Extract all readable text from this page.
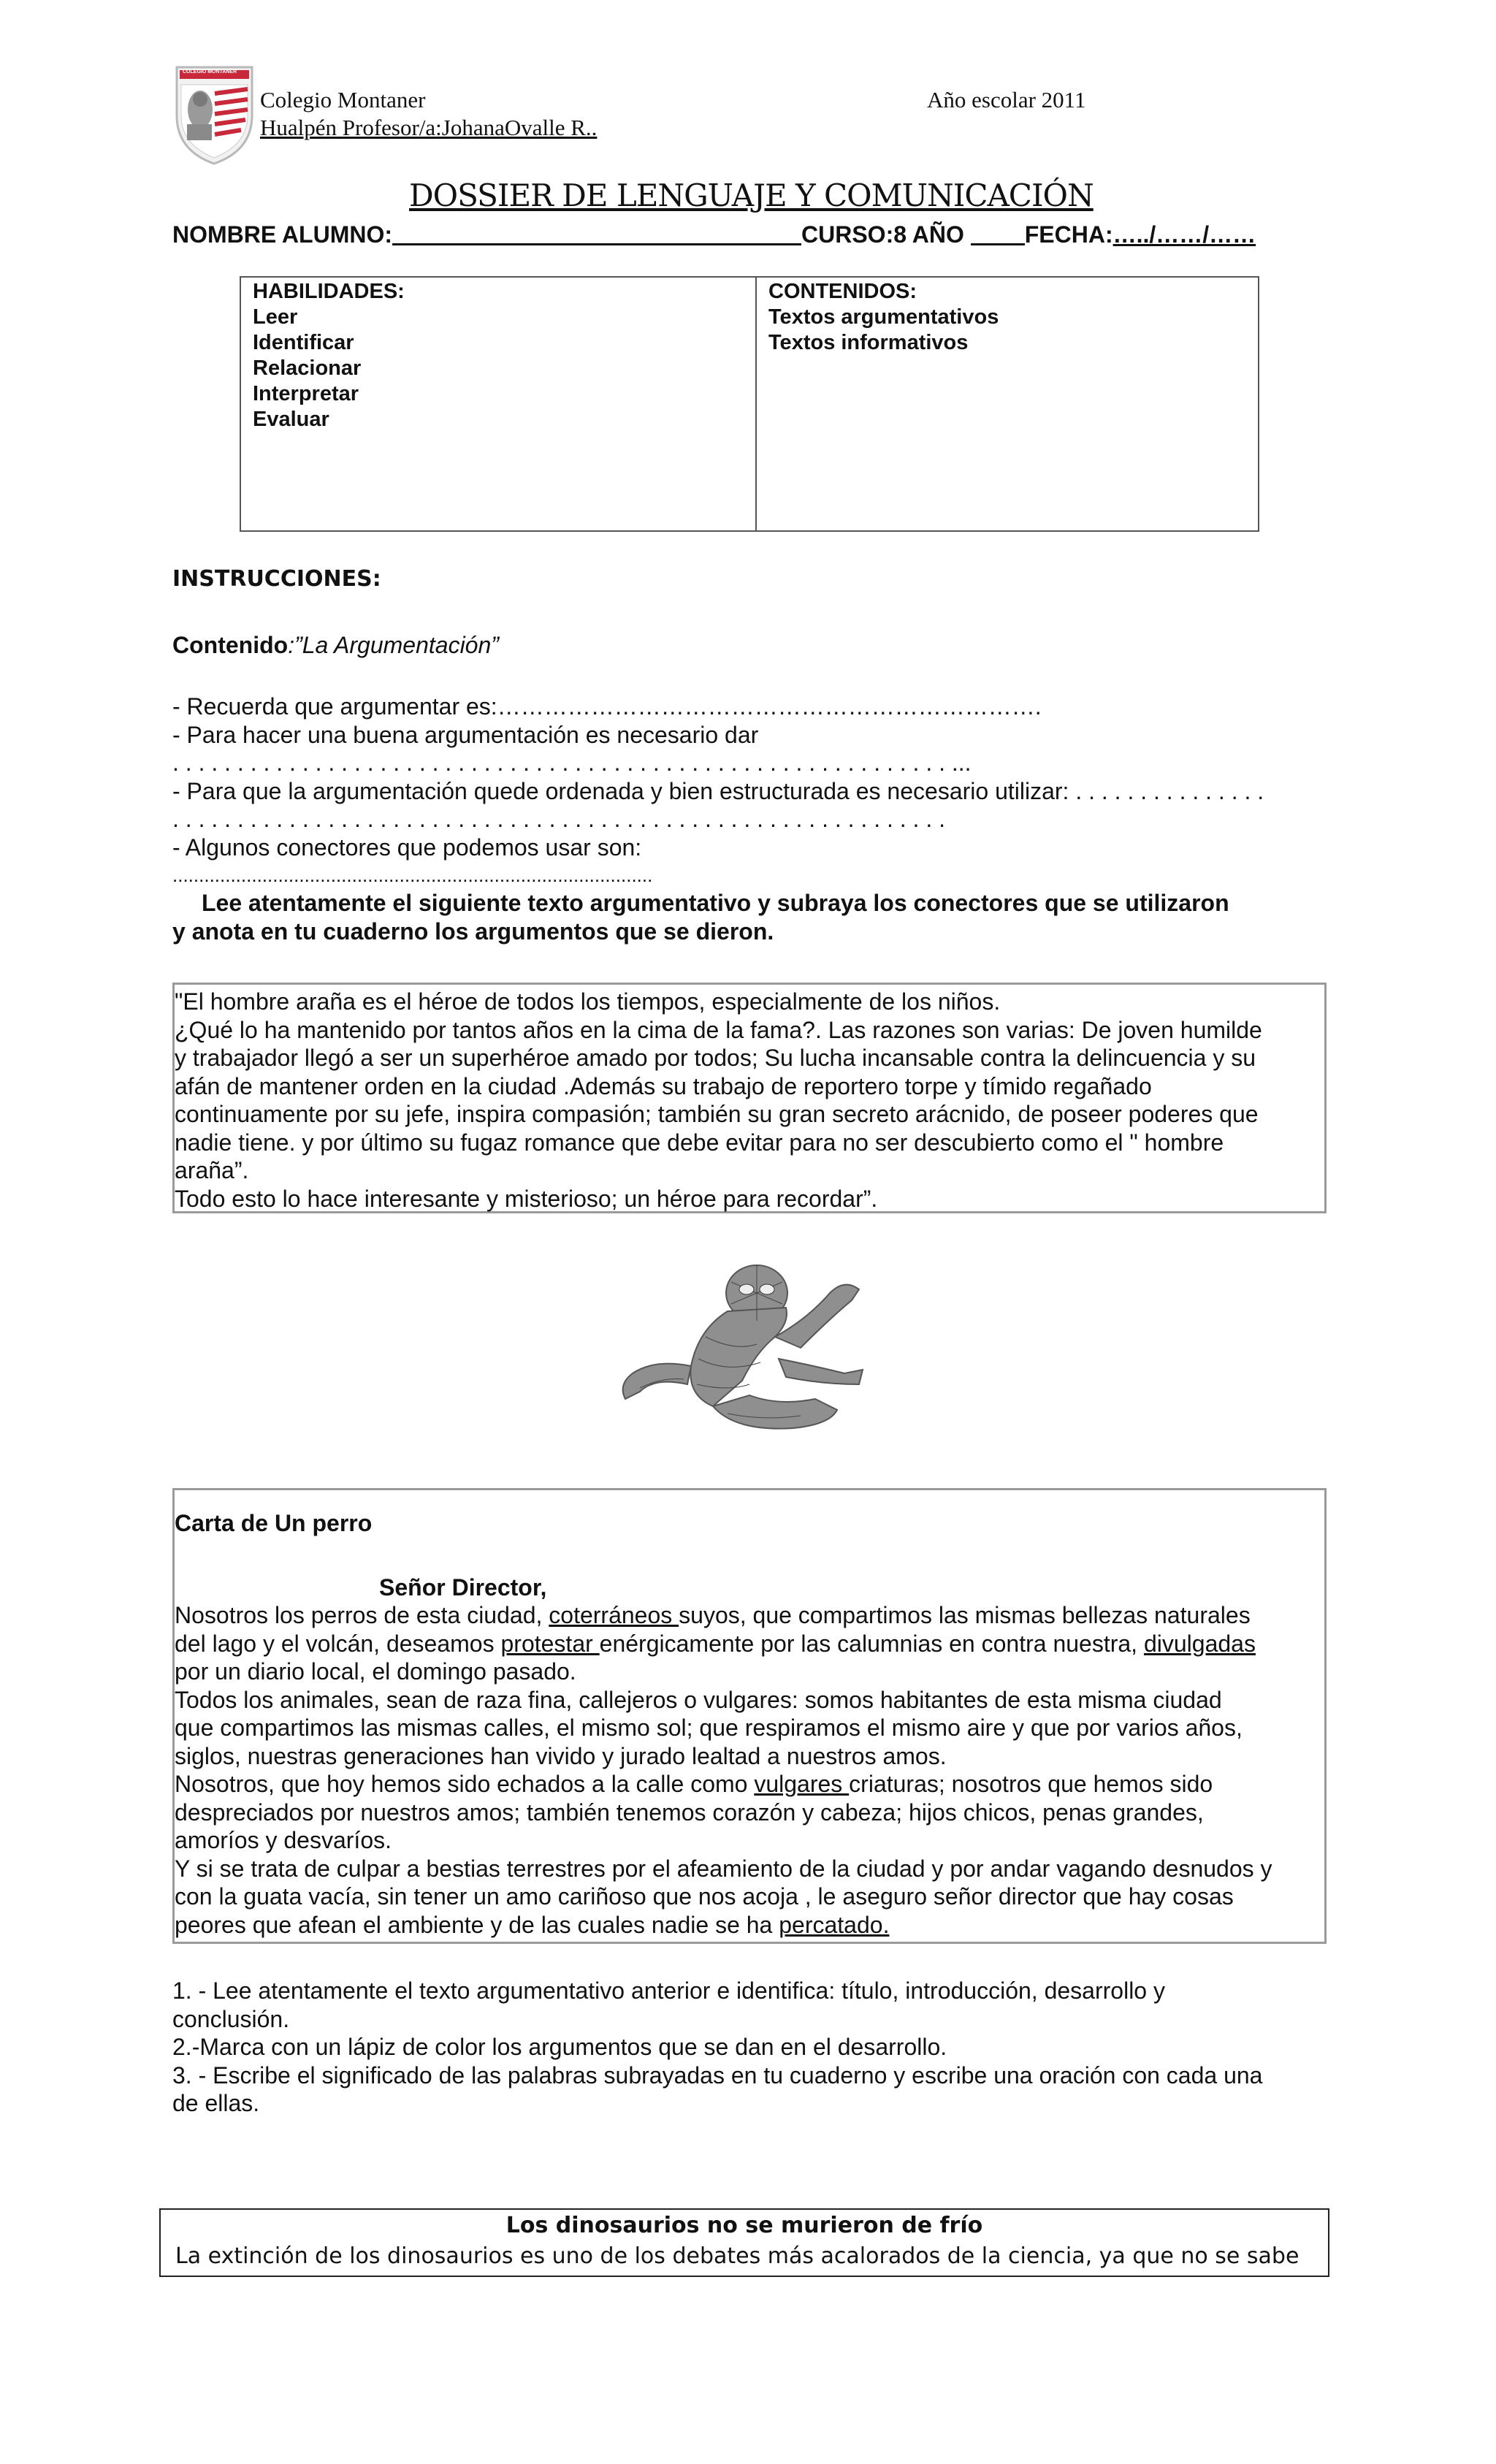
COLEGIO MONTANER
Colegio Montaner	Año escolar 2011
Hualpén Profesor/a:JohanaOvalle R..
DOSSIER DE LENGUAJE Y COMUNICACIÓN
NOMBRE ALUMNO:	CURSO:8 AÑO	FECHA:…../……/……
HABILIDADES:
Leer
Identificar
Relacionar
Interpretar
Evaluar
CONTENIDOS:
Textos argumentativos
Textos informativos
INSTRUCCIONES:
Contenido:”La Argumentación”
- Recuerda que argumentar es:…………………………………………………………….
- Para hacer una buena argumentación es necesario dar
. . . . . . . . . . . . . . . . . . . . . . . . . . . . . . . . . . . . . . . . . . . . . . . . . . . . . . . . . . . . ...
- Para que la argumentación quede ordenada y bien estructurada es necesario utilizar: . . . . . . . . . . . . . . .
. . . . . . . . . . . . . . . . . . . . . . . . . . . . . . . . . . . . . . . . . . . . . . . . . . . . . . . . . . . .
- Algunos conectores que podemos usar son:
...........................................................................................
Lee atentamente el siguiente texto argumentativo y subraya los conectores que se utilizaron
y anota en tu cuaderno los argumentos que se dieron.
"El hombre araña es el héroe de todos los tiempos, especialmente de los niños.
¿Qué lo ha mantenido por tantos años en la cima de la fama?. Las razones son varias: De joven humilde
y trabajador llegó a ser un superhéroe amado por todos; Su lucha incansable contra la delincuencia y su
afán de mantener orden en la ciudad .Además su trabajo de reportero torpe y tímido regañado
continuamente por su jefe, inspira compasión; también su gran secreto arácnido, de poseer poderes que
nadie tiene. y por último su fugaz romance que debe evitar para no ser descubierto como el " hombre
araña”.
Todo esto lo hace interesante y misterioso; un héroe para recordar”.
Carta de Un perro
Señor Director,
Nosotros los perros de esta ciudad, coterráneos suyos, que compartimos las mismas bellezas naturales
del lago y el volcán, deseamos protestar enérgicamente por las calumnias en contra nuestra, divulgadas
por un diario local, el domingo pasado.
Todos los animales, sean de raza fina, callejeros o vulgares: somos habitantes de esta misma ciudad
que compartimos las mismas calles, el mismo sol; que respiramos el mismo aire y que por varios años,
siglos, nuestras generaciones han vivido y jurado lealtad a nuestros amos.
Nosotros, que hoy hemos sido echados a la calle como vulgares criaturas; nosotros que hemos sido
despreciados por nuestros amos; también tenemos corazón y cabeza; hijos chicos, penas grandes,
amoríos y desvaríos.
Y si se trata de culpar a bestias terrestres por el afeamiento de la ciudad y por andar vagando desnudos y
con la guata vacía, sin tener un amo cariñoso que nos acoja , le aseguro señor director que hay cosas
peores que afean el ambiente y de las cuales nadie se ha percatado.
1. - Lee atentamente el texto argumentativo anterior e identifica: título, introducción, desarrollo y
conclusión.
2.-Marca con un lápiz de color los argumentos que se dan en el desarrollo.
3. - Escribe el significado de las palabras subrayadas en tu cuaderno y escribe una oración con cada una
de ellas.
Los dinosaurios no se murieron de frío
La extinción de los dinosaurios es uno de los debates más acalorados de la ciencia, ya que no se sabe
